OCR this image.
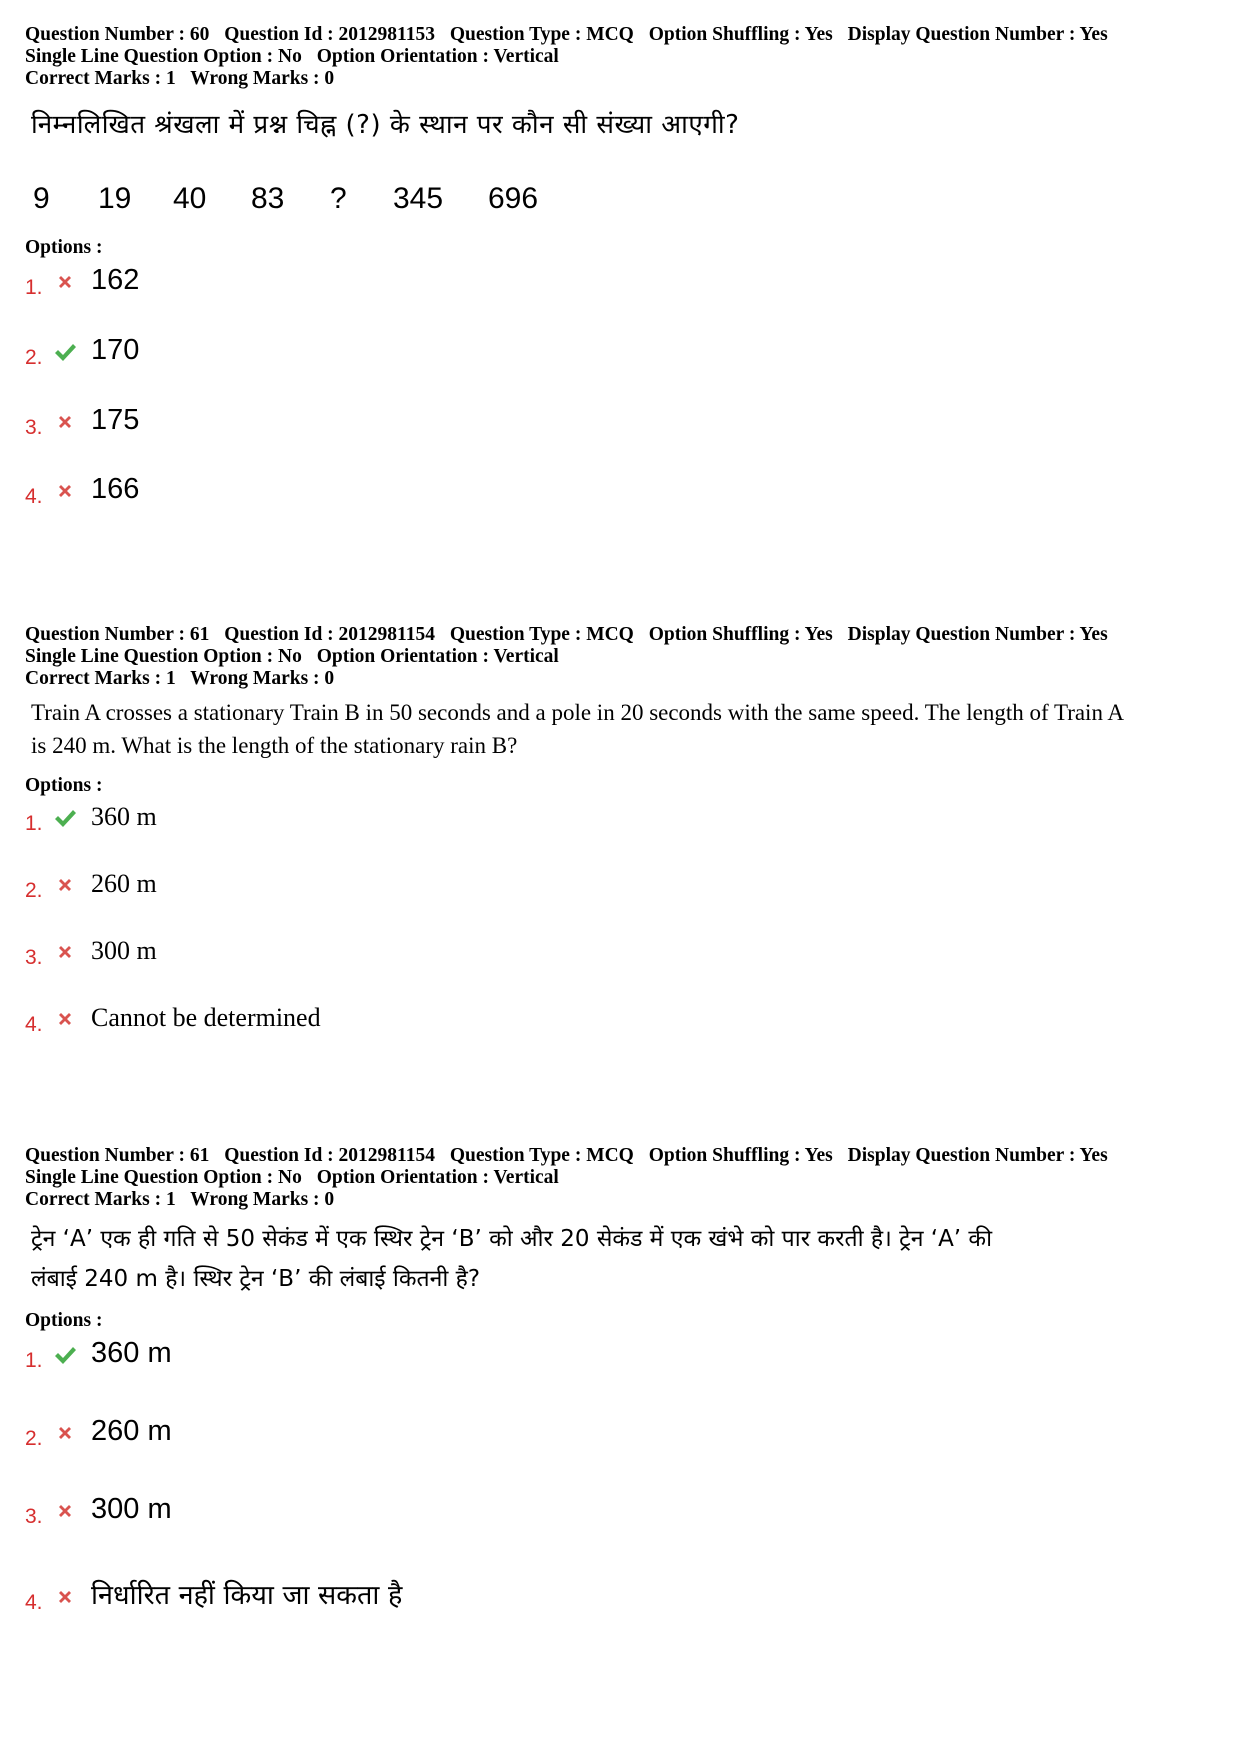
Question Number : 60 Question Id : 2012981153 Question Type : MCQ Option Shuffling : Yes Display Question Number : Yes
Single Line Question Option : No Option Orientation : Vertical
Correct Marks : 1 Wrong Marks : 0
निम्नलिखित श्रंखला में प्रश्न चिह्न (?) के स्थान पर कौन सी संख्या आएगी?
9 19 40 83 ? 345 696
Options :
1. 162
2. 170
3. 175
4. 166
Question Number : 61 Question Id : 2012981154 Question Type : MCQ Option Shuffling : Yes Display Question Number : Yes
Single Line Question Option : No Option Orientation : Vertical
Correct Marks : 1 Wrong Marks : 0
Train A crosses a stationary Train B in 50 seconds and a pole in 20 seconds with the same speed. The length of Train A
is 240 m. What is the length of the stationary rain B?
Options :
1. 360 m
2. 260 m
3. 300 m
4. Cannot be determined
Question Number : 61 Question Id : 2012981154 Question Type : MCQ Option Shuffling : Yes Display Question Number : Yes
Single Line Question Option : No Option Orientation : Vertical
Correct Marks : 1 Wrong Marks : 0
ट्रेन ‘A’ एक ही गति से 50 सेकंड में एक स्थिर ट्रेन ‘B’ को और 20 सेकंड में एक खंभे को पार करती है। ट्रेन ‘A’ की
लंबाई 240 m है। स्थिर ट्रेन ‘B’ की लंबाई कितनी है?
Options :
1. 360 m
2. 260 m
3. 300 m
4. निर्धारित नहीं किया जा सकता है
